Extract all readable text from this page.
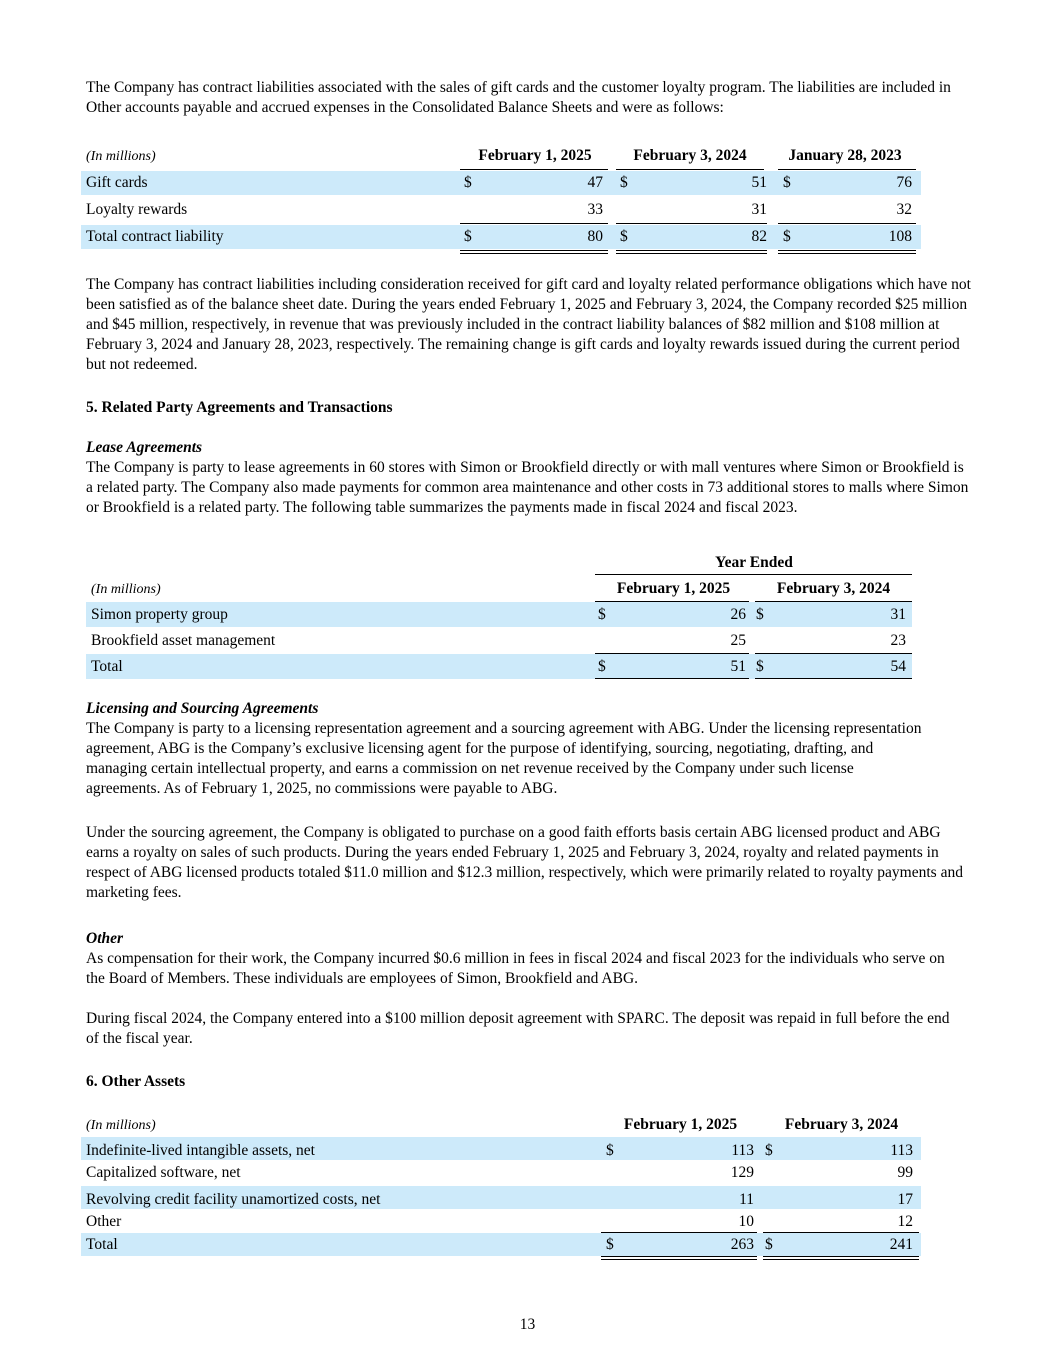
The Company has contract liabilities associated with the sales of gift cards and the customer loyalty program. The liabilities are included in Other accounts payable and accrued expenses in the Consolidated Balance Sheets and were as follows:

(In millions)	February 1, 2025	February 3, 2024	January 28, 2023
Gift cards	$	47 $	51 $	76
Loyalty rewards	33	31	32
Total contract liability	$	80 $	82 $	108

The Company has contract liabilities including consideration received for gift card and loyalty related performance obligations which have not been satisfied as of the balance sheet date. During the years ended February 1, 2025 and February 3, 2024, the Company recorded $25 million and $45 million, respectively, in revenue that was previously included in the contract liability balances of $82 million and $108 million at February 3, 2024 and January 28, 2023, respectively. The remaining change is gift cards and loyalty rewards issued during the current period but not redeemed.

5. Related Party Agreements and Transactions
Lease Agreements

The Company is party to lease agreements in 60 stores with Simon or Brookfield directly or with mall ventures where Simon or Brookfield is a related party. The Company also made payments for common area maintenance and other costs in 73 additional stores to malls where Simon or Brookfield is a related party. The following table summarizes the payments made in fiscal 2024 and fiscal 2023.

Year Ended
(In millions)	February 1, 2025	February 3, 2024
Simon property group	$	26 $	31
Brookfield asset management	25	23
Total	$	51 $	54
Licensing and Sourcing Agreements

The Company is party to a licensing representation agreement and a sourcing agreement with ABG. Under the licensing representation agreement, ABG is the Company’s exclusive licensing agent for the purpose of identifying, sourcing, negotiating, drafting, and managing certain intellectual property, and earns a commission on net revenue received by the Company under such license agreements. As of February 1, 2025, no commissions were payable to ABG.

Under the sourcing agreement, the Company is obligated to purchase on a good faith efforts basis certain ABG licensed product and ABG earns a royalty on sales of such products. During the years ended February 1, 2025 and February 3, 2024, royalty and related payments in respect of ABG licensed products totaled $11.0 million and $12.3 million, respectively, which were primarily related to royalty payments and marketing fees.

Other

As compensation for their work, the Company incurred $0.6 million in fees in fiscal 2024 and fiscal 2023 for the individuals who serve on the Board of Members. These individuals are employees of Simon, Brookfield and ABG.

During fiscal 2024, the Company entered into a $100 million deposit agreement with SPARC. The deposit was repaid in full before the end of the fiscal year.

6. Other Assets
(In millions)	February 1, 2025	February 3, 2024
Indefinite-lived intangible assets, net	$	113 $	113
Capitalized software, net	129	99
Revolving credit facility unamortized costs, net	11	17
Other	10	12
Total	$	263 $	241
13
